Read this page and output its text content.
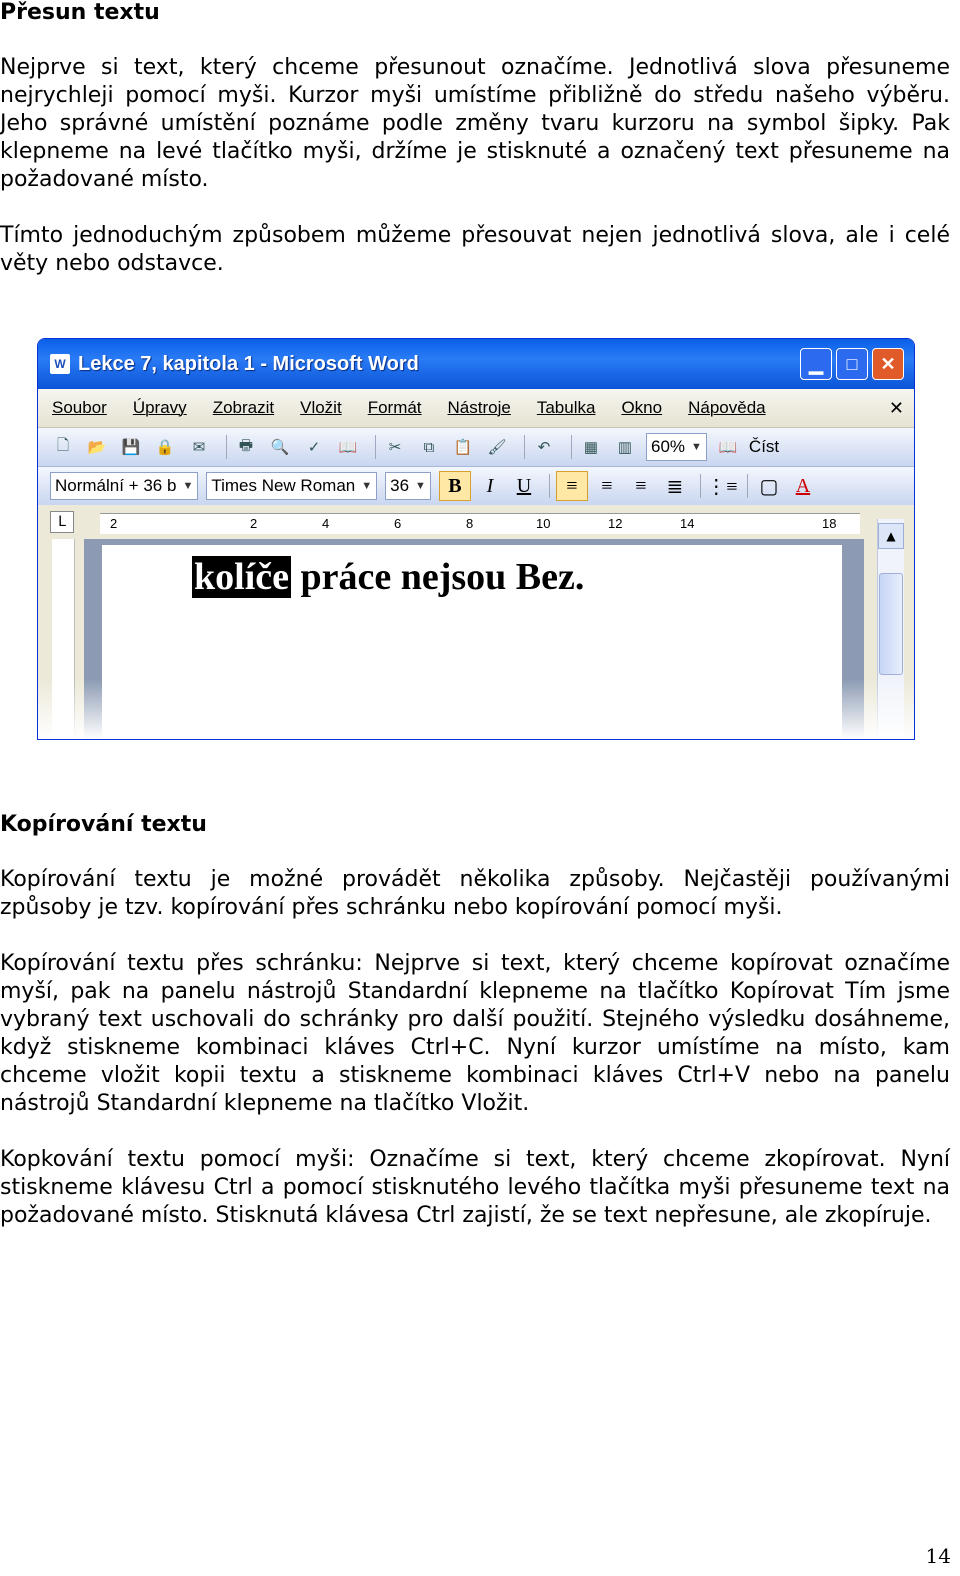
Přesun textu

Nejprve si text, který chceme přesunout označíme. Jednotlivá slova přesuneme nejrychleji pomocí myši. Kurzor myši umístíme přibližně do středu našeho výběru. Jeho správné umístění poznáme podle změny tvaru kurzoru na symbol šipky. Pak klepneme na levé tlačítko myši, držíme je stisknuté a označený text přesuneme na požadované místo.

Tímto jednoduchým způsobem můžeme přesouvat nejen jednotlivá slova, ale i celé věty nebo odstavce.

W Lekce 7, kapitola 1 - Microsoft Word	▁	□	✕
Soubor Úpravy Zobrazit Vložit Formát Nástroje Tabulka Okno Nápověda	✕
🗋	📂 💾 🔒	✉	🖶	🔍	✓	📖	✂	⧉	📋 🖌	↶	▦	▥	60% ▼ 📖 Číst
Normální + 36 b ▼ Times New Roman ▼ 36 ▼	B	I	U	≡	≡	≡ ≣	⋮≡ ▢ A
L	2	2	4	6	8	10	12	14	18
kolíče práce nejsou Bez.
▲
Kopírování textu

Kopírování textu je možné provádět několika způsoby. Nejčastěji používanými způsoby je tzv. kopírování přes schránku nebo kopírování pomocí myši.

Kopírování textu přes schránku: Nejprve si text, který chceme kopírovat označíme myší, pak na panelu nástrojů Standardní klepneme na tlačítko Kopírovat Tím jsme vybraný text uschovali do schránky pro další použití. Stejného výsledku dosáhneme, když stiskneme kombinaci kláves Ctrl+C. Nyní kurzor umístíme na místo, kam chceme vložit kopii textu a stiskneme kombinaci kláves Ctrl+V nebo na panelu nástrojů Standardní klepneme na tlačítko Vložit.

Kopkování textu pomocí myši: Označíme si text, který chceme zkopírovat. Nyní stiskneme klávesu Ctrl a pomocí stisknutého levého tlačítka myši přesuneme text na požadované místo. Stisknutá klávesa Ctrl zajistí, že se text nepřesune, ale zkopíruje.

14
